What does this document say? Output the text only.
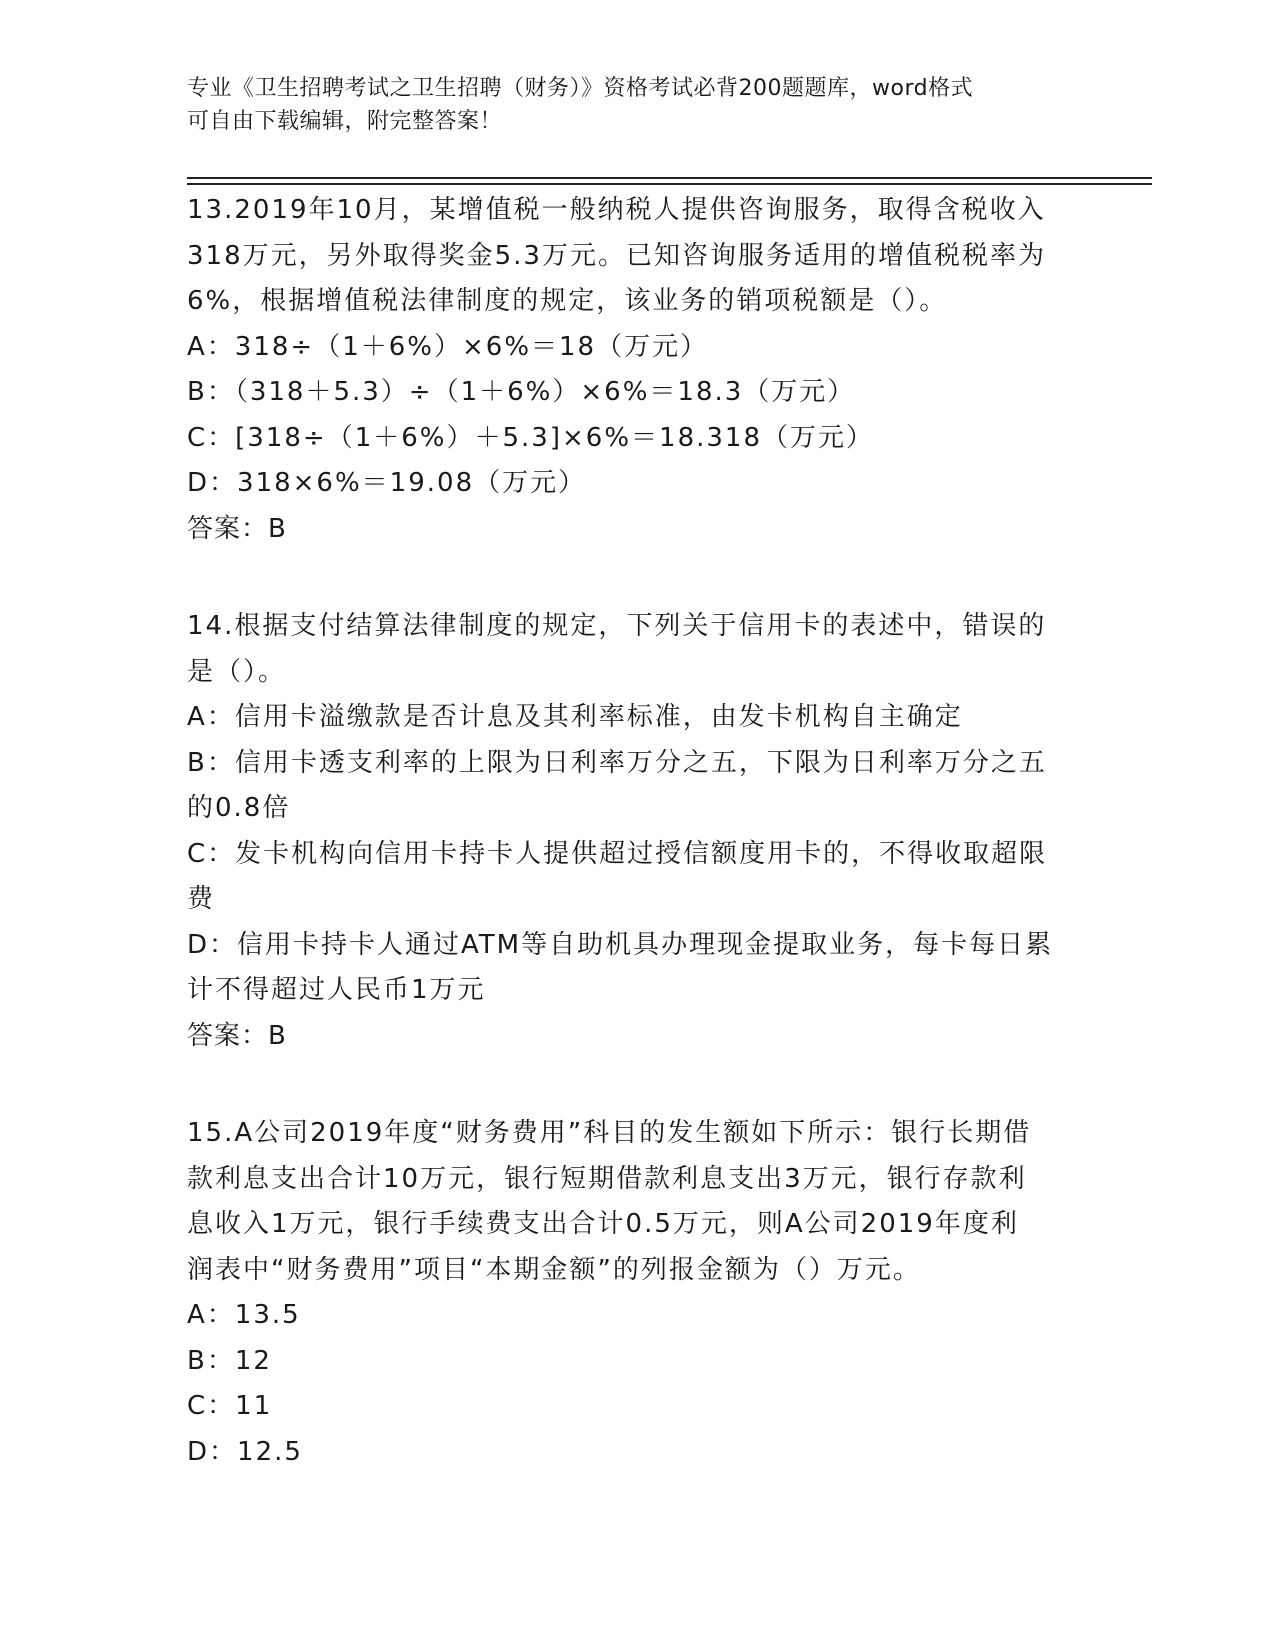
专业《卫生招聘考试之卫生招聘（财务）》资格考试必背200题题库，word格式
可自由下载编辑，附完整答案！
13.2019年10月，某增值税一般纳税人提供咨询服务，取得含税收入
318万元，另外取得奖金5.3万元。已知咨询服务适用的增值税税率为
6%，根据增值税法律制度的规定，该业务的销项税额是（）。
A：318÷（1＋6%）×6%＝18（万元）
B：（318＋5.3）÷（1＋6%）×6%＝18.3（万元）
C：[318÷（1＋6%）＋5.3]×6%＝18.318（万元）
D：318×6%＝19.08（万元）
答案：B
14.根据支付结算法律制度的规定，下列关于信用卡的表述中，错误的
是（）。
A：信用卡溢缴款是否计息及其利率标准，由发卡机构自主确定
B：信用卡透支利率的上限为日利率万分之五，下限为日利率万分之五
的0.8倍
C：发卡机构向信用卡持卡人提供超过授信额度用卡的，不得收取超限
费
D：信用卡持卡人通过ATM等自助机具办理现金提取业务，每卡每日累
计不得超过人民币1万元
答案：B
15.A公司2019年度“财务费用”科目的发生额如下所示：银行长期借
款利息支出合计10万元，银行短期借款利息支出3万元，银行存款利
息收入1万元，银行手续费支出合计0.5万元，则A公司2019年度利
润表中“财务费用”项目“本期金额”的列报金额为（）万元。
A：13.5
B：12
C：11
D：12.5
